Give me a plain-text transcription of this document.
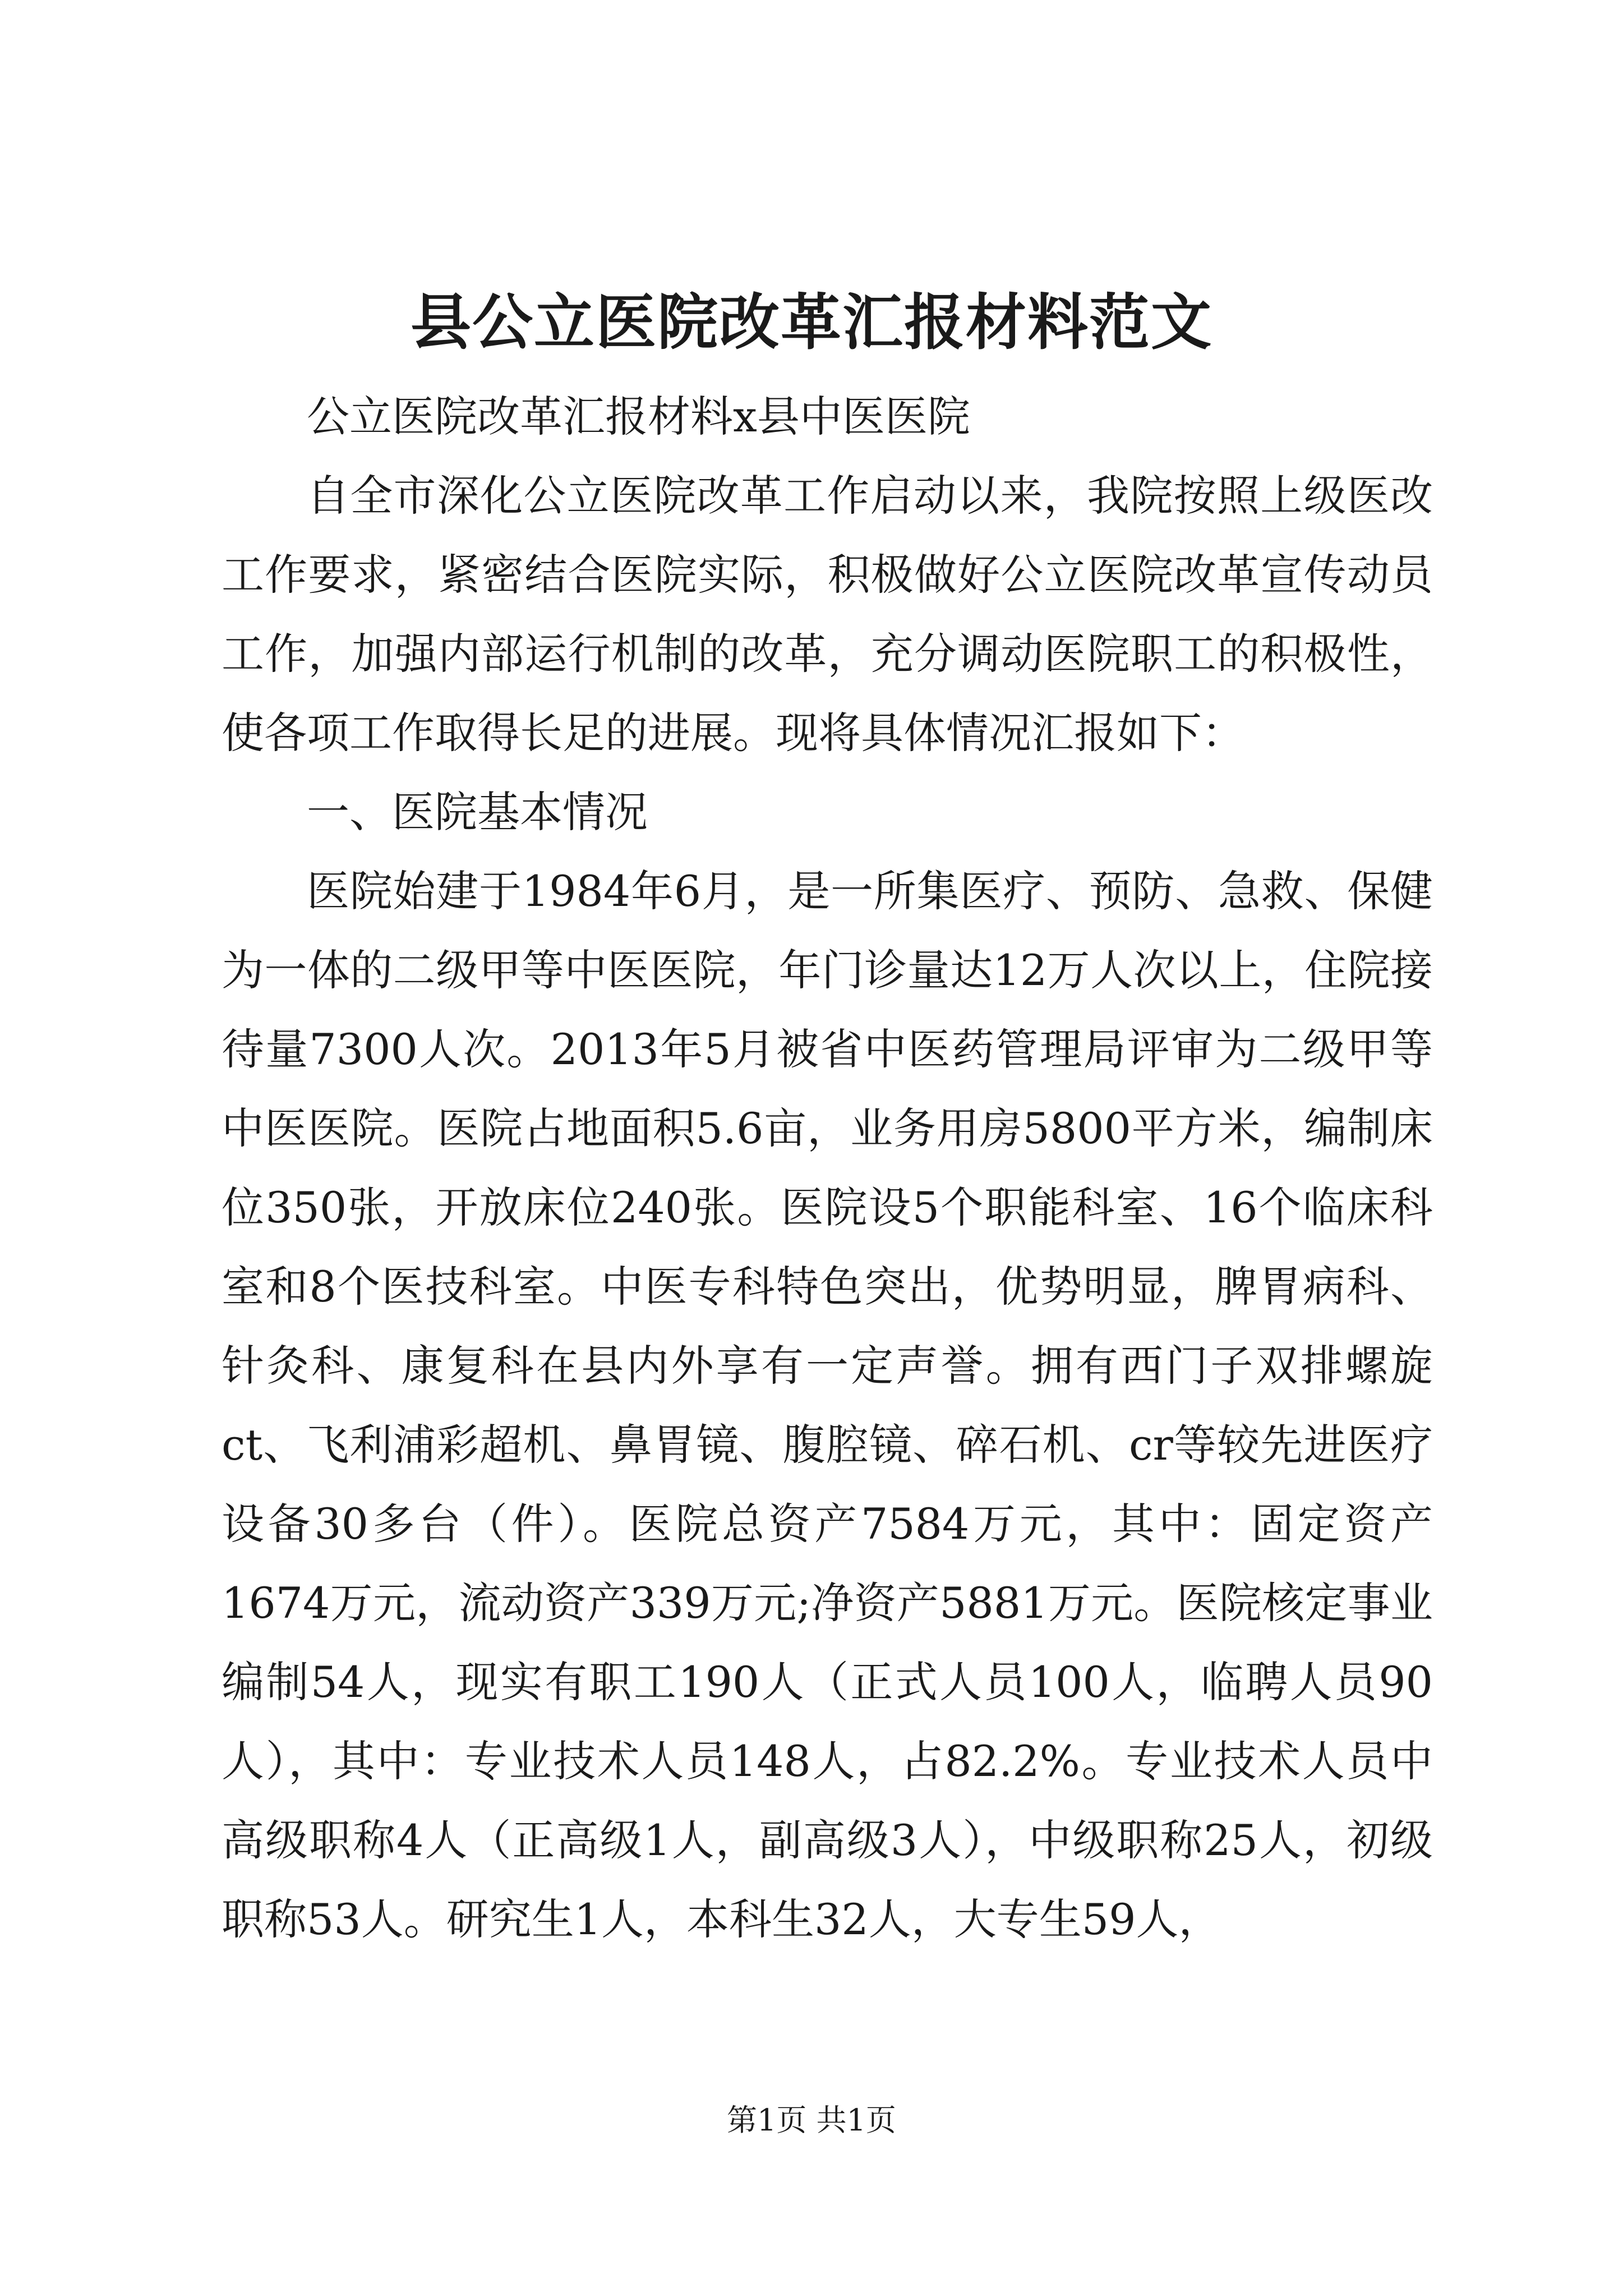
县公立医院改革汇报材料范文

公立医院改革汇报材料x县中医医院

自全市深化公立医院改革工作启动以来，我院按照上级医改工作要求，紧密结合医院实际，积极做好公立医院改革宣传动员工作，加强内部运行机制的改革，充分调动医院职工的积极性，使各项工作取得长足的进展。现将具体情况汇报如下：

一、医院基本情况

医院始建于1984年6月，是一所集医疗、预防、急救、保健为一体的二级甲等中医医院，年门诊量达12万人次以上，住院接待量7300人次。2013年5月被省中医药管理局评审为二级甲等中医医院。医院占地面积5.6亩，业务用房5800平方米，编制床位350张，开放床位240张。医院设5个职能科室、16个临床科室和8个医技科室。中医专科特色突出，优势明显，脾胃病科、针灸科、康复科在县内外享有一定声誉。拥有西门子双排螺旋ct、飞利浦彩超机、鼻胃镜、腹腔镜、碎石机、cr等较先进医疗设备30多台（件）。医院总资产7584万元，其中：固定资产1674万元，流动资产339万元;净资产5881万元。医院核定事业编制54人，现实有职工190人（正式人员100人，临聘人员90人），其中：专业技术人员148人，占82.2%。专业技术人员中高级职称4人（正高级1人，副高级3人），中级职称25人，初级职称53人。研究生1人，本科生32人，大专生59人，

第1页 共1页
